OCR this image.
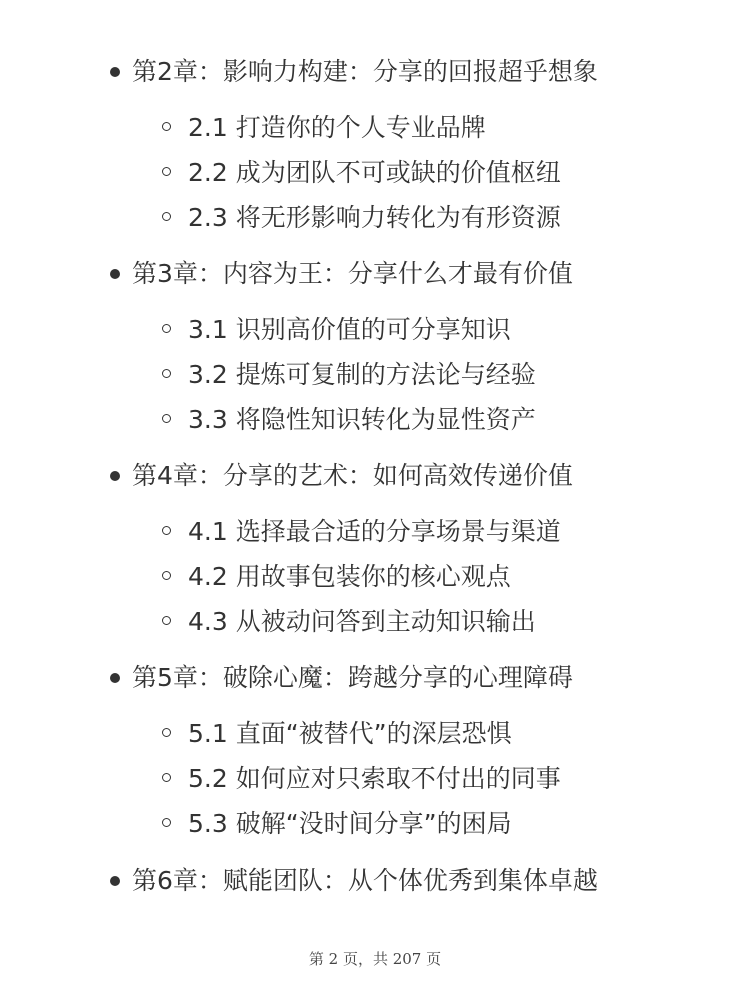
第2章：影响力构建：分享的回报超乎想象
2.1 打造你的个人专业品牌
2.2 成为团队不可或缺的价值枢纽
2.3 将无形影响力转化为有形资源
第3章：内容为王：分享什么才最有价值
3.1 识别高价值的可分享知识
3.2 提炼可复制的方法论与经验
3.3 将隐性知识转化为显性资产
第4章：分享的艺术：如何高效传递价值
4.1 选择最合适的分享场景与渠道
4.2 用故事包装你的核心观点
4.3 从被动问答到主动知识输出
第5章：破除心魔：跨越分享的心理障碍
5.1 直面“被替代”的深层恐惧
5.2 如何应对只索取不付出的同事
5.3 破解“没时间分享”的困局
第6章：赋能团队：从个体优秀到集体卓越
第 2 页，共 207 页
